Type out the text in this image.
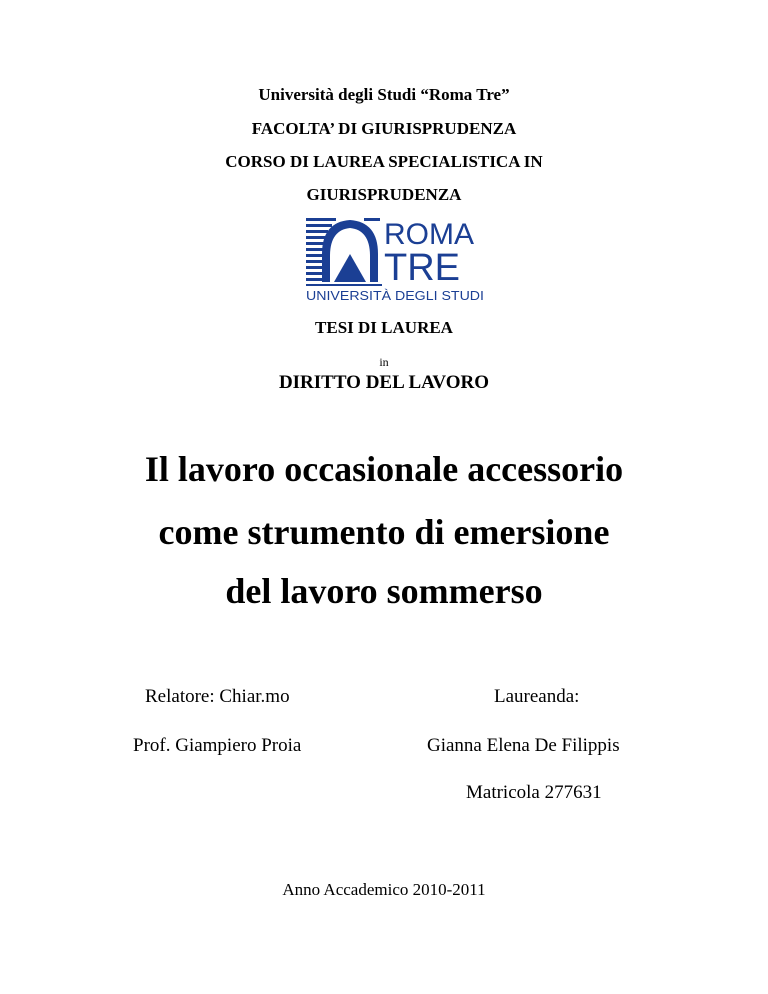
Università degli Studi “Roma Tre”
FACOLTA’ DI GIURISPRUDENZA
CORSO DI LAUREA SPECIALISTICA IN
GIURISPRUDENZA
ROMA
TRE
UNIVERSITÀ DEGLI STUDI
TESI DI LAUREA
in
DIRITTO DEL LAVORO
Il lavoro occasionale accessorio
come strumento di emersione
del lavoro sommerso
Relatore: Chiar.mo
Prof. Giampiero Proia
Laureanda:
Gianna Elena De Filippis
Matricola 277631
Anno Accademico 2010-2011
